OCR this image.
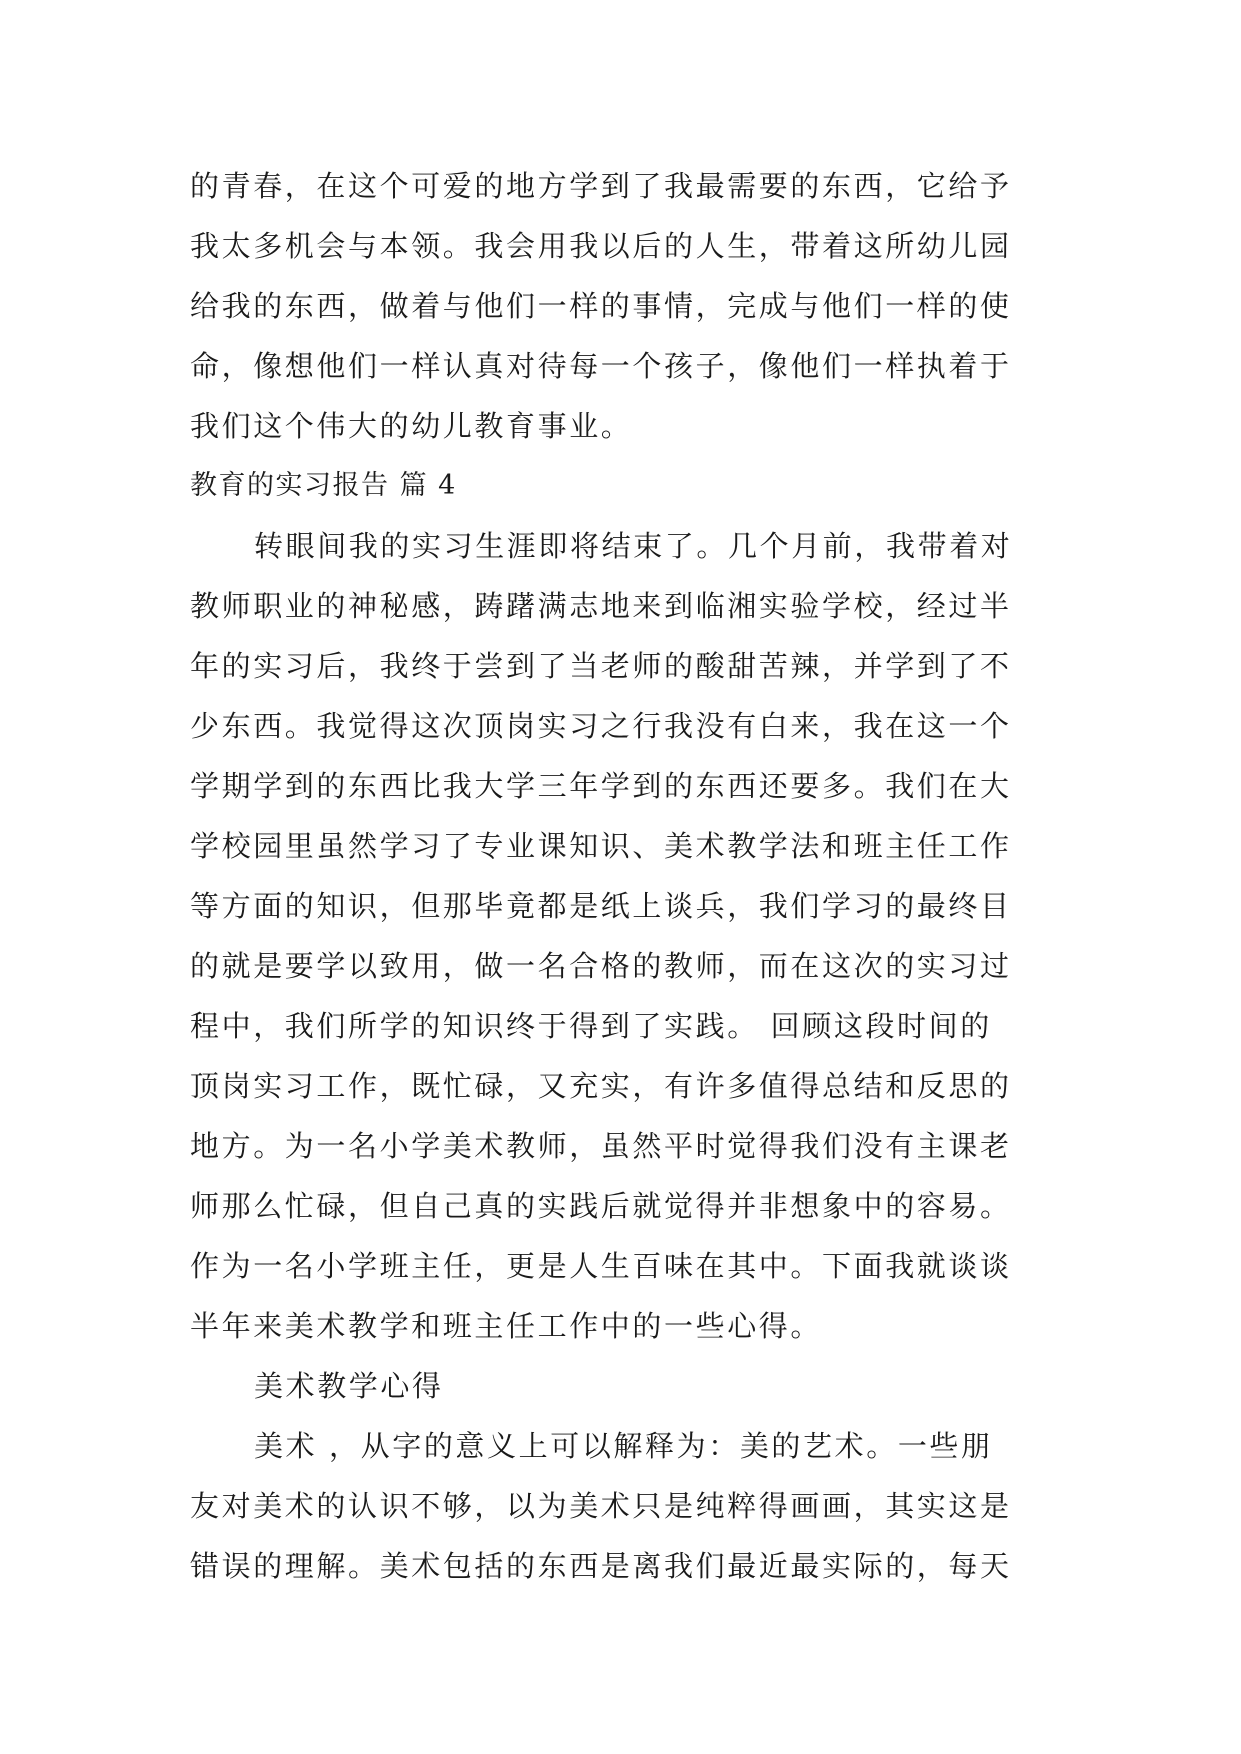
的青春，在这个可爱的地方学到了我最需要的东西，它给予
我太多机会与本领。我会用我以后的人生，带着这所幼儿园
给我的东西，做着与他们一样的事情，完成与他们一样的使
命，像想他们一样认真对待每一个孩子，像他们一样执着于
我们这个伟大的幼儿教育事业。
教育的实习报告 篇 4
转眼间我的实习生涯即将结束了。几个月前，我带着对
教师职业的神秘感，踌躇满志地来到临湘实验学校，经过半
年的实习后，我终于尝到了当老师的酸甜苦辣，并学到了不
少东西。我觉得这次顶岗实习之行我没有白来，我在这一个
学期学到的东西比我大学三年学到的东西还要多。我们在大
学校园里虽然学习了专业课知识、美术教学法和班主任工作
等方面的知识，但那毕竟都是纸上谈兵，我们学习的最终目
的就是要学以致用，做一名合格的教师，而在这次的实习过
程中，我们所学的知识终于得到了实践。 回顾这段时间的
顶岗实习工作，既忙碌，又充实，有许多值得总结和反思的
地方。为一名小学美术教师，虽然平时觉得我们没有主课老
师那么忙碌，但自己真的实践后就觉得并非想象中的容易。
作为一名小学班主任，更是人生百味在其中。下面我就谈谈
半年来美术教学和班主任工作中的一些心得。
美术教学心得
美术 ，从字的意义上可以解释为：美的艺术。一些朋
友对美术的认识不够，以为美术只是纯粹得画画，其实这是
错误的理解。美术包括的东西是离我们最近最实际的，每天
